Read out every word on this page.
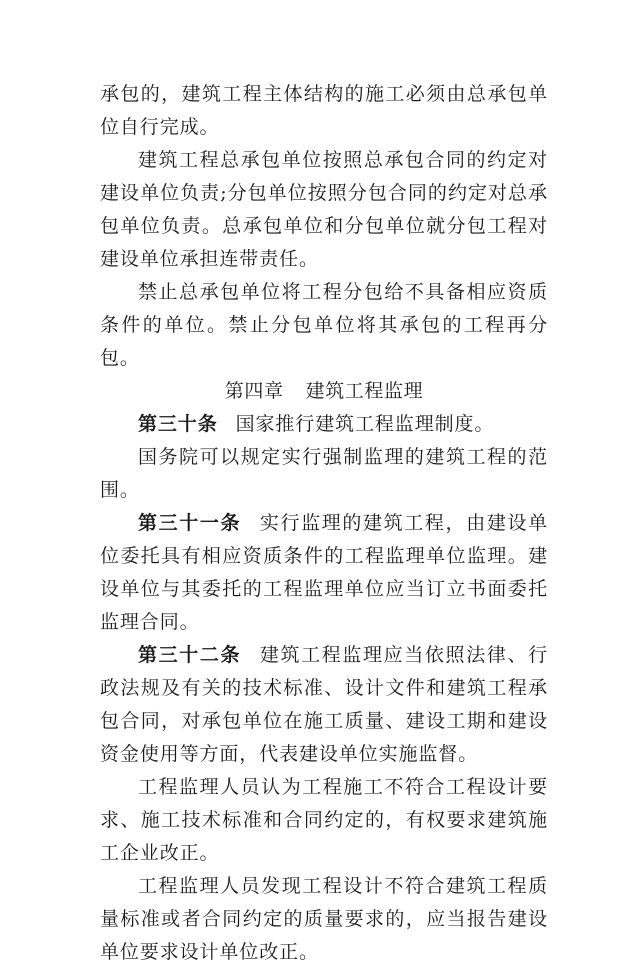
承包的，建筑工程主体结构的施工必须由总承包单位自行完成。

建筑工程总承包单位按照总承包合同的约定对建设单位负责;分包单位按照分包合同的约定对总承包单位负责。总承包单位和分包单位就分包工程对建设单位承担连带责任。

禁止总承包单位将工程分包给不具备相应资质条件的单位。禁止分包单位将其承包的工程再分包。

第四章 建筑工程监理

第三十条 国家推行建筑工程监理制度。

国务院可以规定实行强制监理的建筑工程的范围。

第三十一条 实行监理的建筑工程，由建设单位委托具有相应资质条件的工程监理单位监理。建设单位与其委托的工程监理单位应当订立书面委托监理合同。

第三十二条 建筑工程监理应当依照法律、行政法规及有关的技术标准、设计文件和建筑工程承包合同，对承包单位在施工质量、建设工期和建设资金使用等方面，代表建设单位实施监督。

工程监理人员认为工程施工不符合工程设计要求、施工技术标准和合同约定的，有权要求建筑施工企业改正。

工程监理人员发现工程设计不符合建筑工程质量标准或者合同约定的质量要求的，应当报告建设单位要求设计单位改正。
